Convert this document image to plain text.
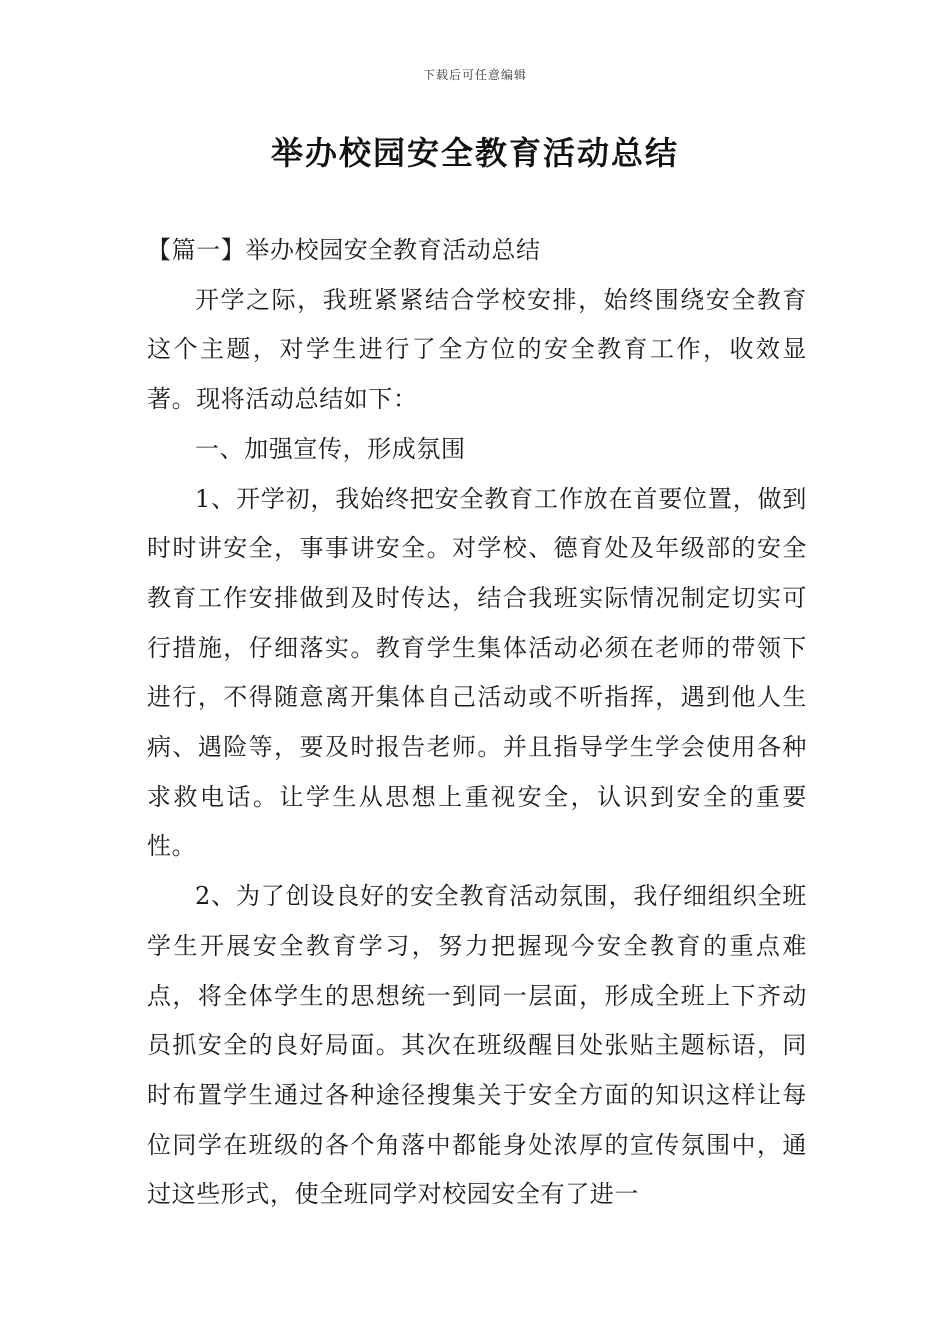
下载后可任意编辑
举办校园安全教育活动总结

【篇一】举办校园安全教育活动总结

开学之际，我班紧紧结合学校安排，始终围绕安全教育这个主题，对学生进行了全方位的安全教育工作，收效显著。现将活动总结如下：

一、加强宣传，形成氛围

1、开学初，我始终把安全教育工作放在首要位置，做到时时讲安全，事事讲安全。对学校、德育处及年级部的安全教育工作安排做到及时传达，结合我班实际情况制定切实可行措施，仔细落实。教育学生集体活动必须在老师的带领下进行，不得随意离开集体自己活动或不听指挥，遇到他人生病、遇险等，要及时报告老师。并且指导学生学会使用各种求救电话。让学生从思想上重视安全，认识到安全的重要性。

2、为了创设良好的安全教育活动氛围，我仔细组织全班学生开展安全教育学习，努力把握现今安全教育的重点难点，将全体学生的思想统一到同一层面，形成全班上下齐动员抓安全的良好局面。其次在班级醒目处张贴主题标语，同时布置学生通过各种途径搜集关于安全方面的知识这样让每位同学在班级的各个角落中都能身处浓厚的宣传氛围中，通过这些形式，使全班同学对校园安全有了进一
